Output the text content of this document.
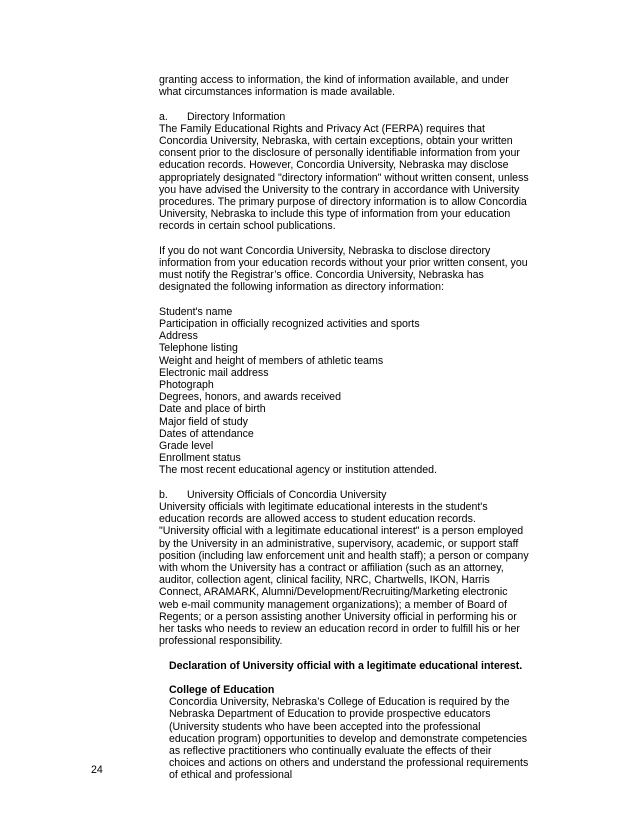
granting access to information, the kind of information available, and under what circumstances information is made available.

a. Directory Information

The Family Educational Rights and Privacy Act (FERPA) requires that Concordia University, Nebraska, with certain exceptions, obtain your written consent prior to the disclosure of personally identifiable information from your education records. However, Concordia University, Nebraska may disclose appropriately designated "directory information" without written consent, unless you have advised the University to the contrary in accordance with University procedures. The primary purpose of directory information is to allow Concordia University, Nebraska to include this type of information from your education records in certain school publications.

If you do not want Concordia University, Nebraska to disclose directory information from your education records without your prior written consent, you must notify the Registrar’s office. Concordia University, Nebraska has designated the following information as directory information:

Student's name
Participation in officially recognized activities and sports
Address
Telephone listing
Weight and height of members of athletic teams
Electronic mail address
Photograph
Degrees, honors, and awards received
Date and place of birth
Major field of study
Dates of attendance
Grade level
Enrollment status
The most recent educational agency or institution attended.
b. University Officials of Concordia University

University officials with legitimate educational interests in the student's education records are allowed access to student education records. "University official with a legitimate educational interest" is a person employed by the University in an administrative, supervisory, academic, or support staff position (including law enforcement unit and health staff); a person or company with whom the University has a contract or affiliation (such as an attorney, auditor, collection agent, clinical facility, NRC, Chartwells, IKON, Harris Connect, ARAMARK, Alumni/Development/Recruiting/Marketing electronic web e-mail community management organizations); a member of Board of Regents; or a person assisting another University official in performing his or her tasks who needs to review an education record in order to fulfill his or her professional responsibility.

Declaration of University official with a legitimate educational interest.

College of Education

Concordia University, Nebraska’s College of Education is required by the Nebraska Department of Education to provide prospective educators (University students who have been accepted into the professional education program) opportunities to develop and demonstrate competencies as reflective practitioners who continually evaluate the effects of their choices and actions on others and understand the professional requirements of ethical and professional

24
